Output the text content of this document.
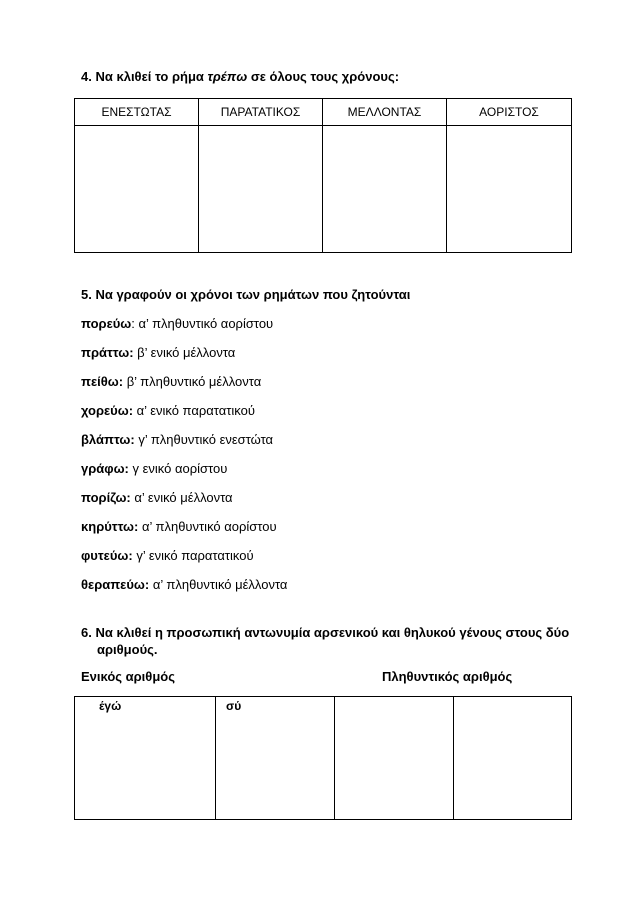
4. Να κλιθεί το ρήμα τρέπω σε όλους τους χρόνους:
ΕΝΕΣΤΩΤΑΣ	ΠΑΡΑΤΑΤΙΚΟΣ	ΜΕΛΛΟΝΤΑΣ	ΑΟΡΙΣΤΟΣ

5. Να γραφούν οι χρόνοι των ρημάτων που ζητούνται
πορεύω: α’ πληθυντικό αορίστου
πράττω: β’ ενικό μέλλοντα
πείθω: β’ πληθυντικό μέλλοντα
χορεύω: α’ ενικό παρατατικού
βλάπτω: γ’ πληθυντικό ενεστώτα
γράφω: γ ενικό αορίστου
πορίζω: α’ ενικό μέλλοντα
κηρύττω: α’ πληθυντικό αορίστου
φυτεύω: γ’ ενικό παρατατικού
θεραπεύω: α’ πληθυντικό μέλλοντα
6. Να κλιθεί η προσωπική αντωνυμία αρσενικού και θηλυκού γένους στους δύο
αριθμούς.
Ενικός αριθμός	Πληθυντικός αριθμός
έγώ	σύ		
